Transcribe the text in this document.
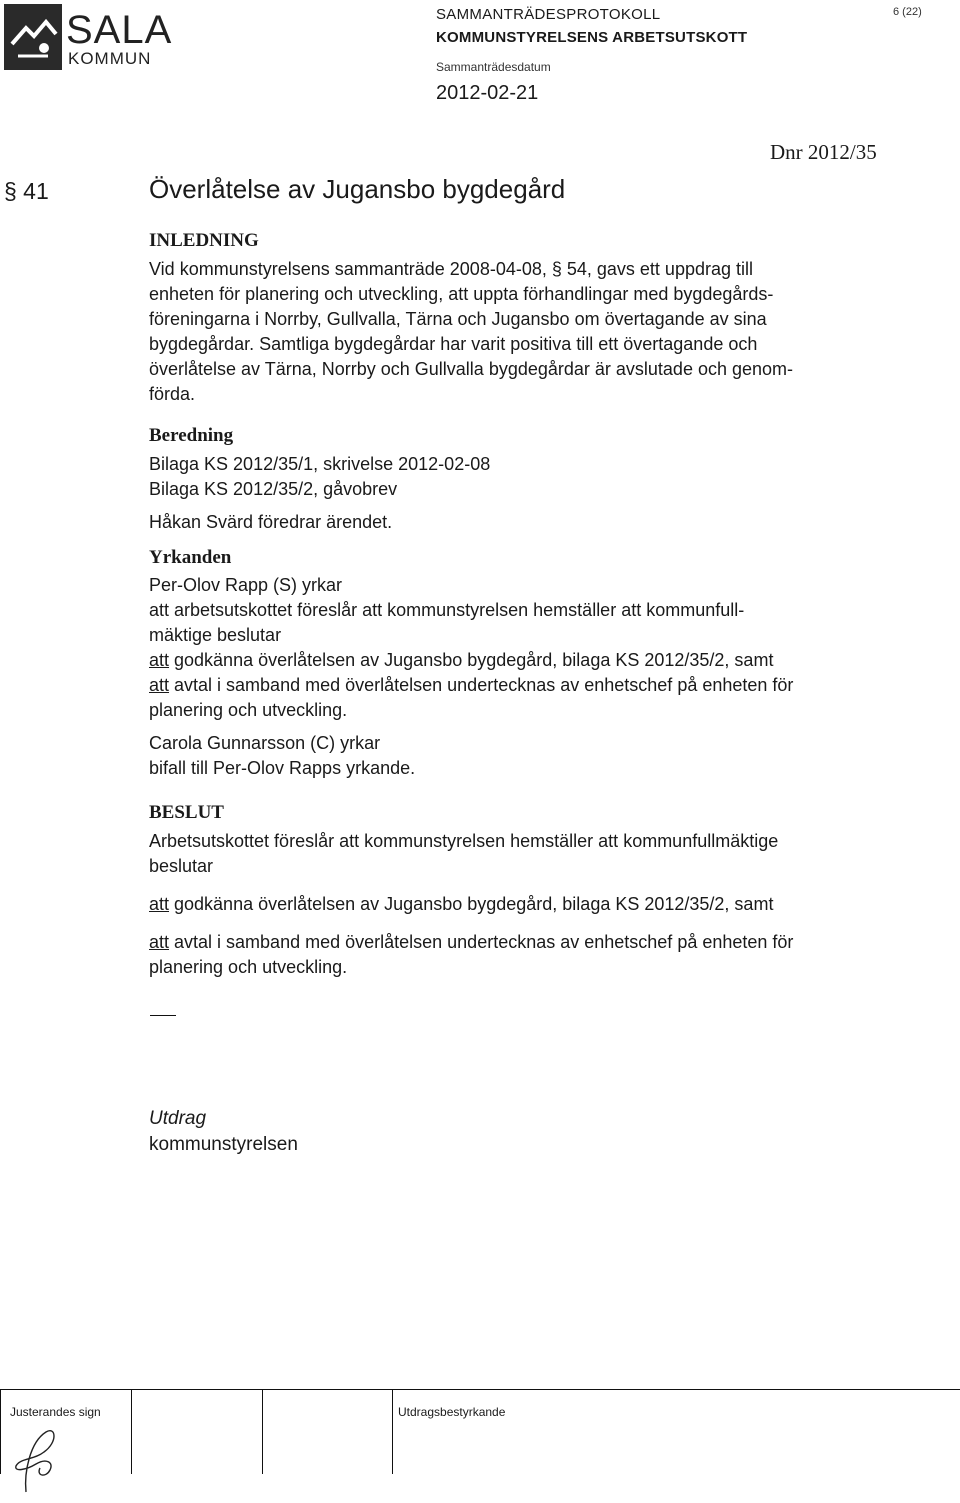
SALA
KOMMUN
SAMMANTRÄDESPROTOKOLL
KOMMUNSTYRELSENS ARBETSUTSKOTT
Sammanträdesdatum
2012-02-21
6 (22)
Dnr 2012/35
§ 41	Överlåtelse av Jugansbo bygdegård
INLEDNING

Vid kommunstyrelsens sammanträde 2008-04-08, § 54, gavs ett uppdrag till
enheten för planering och utveckling, att uppta förhandlingar med bygdegårds-
föreningarna i Norrby, Gullvalla, Tärna och Jugansbo om övertagande av sina
bygdegårdar. Samtliga bygdegårdar har varit positiva till ett övertagande och
överlåtelse av Tärna, Norrby och Gullvalla bygdegårdar är avslutade och genom-
förda.

Beredning

Bilaga KS 2012/35/1, skrivelse 2012-02-08

Bilaga KS 2012/35/2, gåvobrev

Håkan Svärd föredrar ärendet.

Yrkanden

Per-Olov Rapp (S) yrkar
att arbetsutskottet föreslår att kommunstyrelsen hemställer att kommunfull-
mäktige beslutar

att godkänna överlåtelsen av Jugansbo bygdegård, bilaga KS 2012/35/2, samt

att avtal i samband med överlåtelsen undertecknas av enhetschef på enheten för
planering och utveckling.

Carola Gunnarsson (C) yrkar
bifall till Per-Olov Rapps yrkande.

BESLUT

Arbetsutskottet föreslår att kommunstyrelsen hemställer att kommunfullmäktige
beslutar

att godkänna överlåtelsen av Jugansbo bygdegård, bilaga KS 2012/35/2, samt

att avtal i samband med överlåtelsen undertecknas av enhetschef på enheten för
planering och utveckling.

Utdrag
kommunstyrelsen
Justerandes sign	Utdragsbestyrkande
